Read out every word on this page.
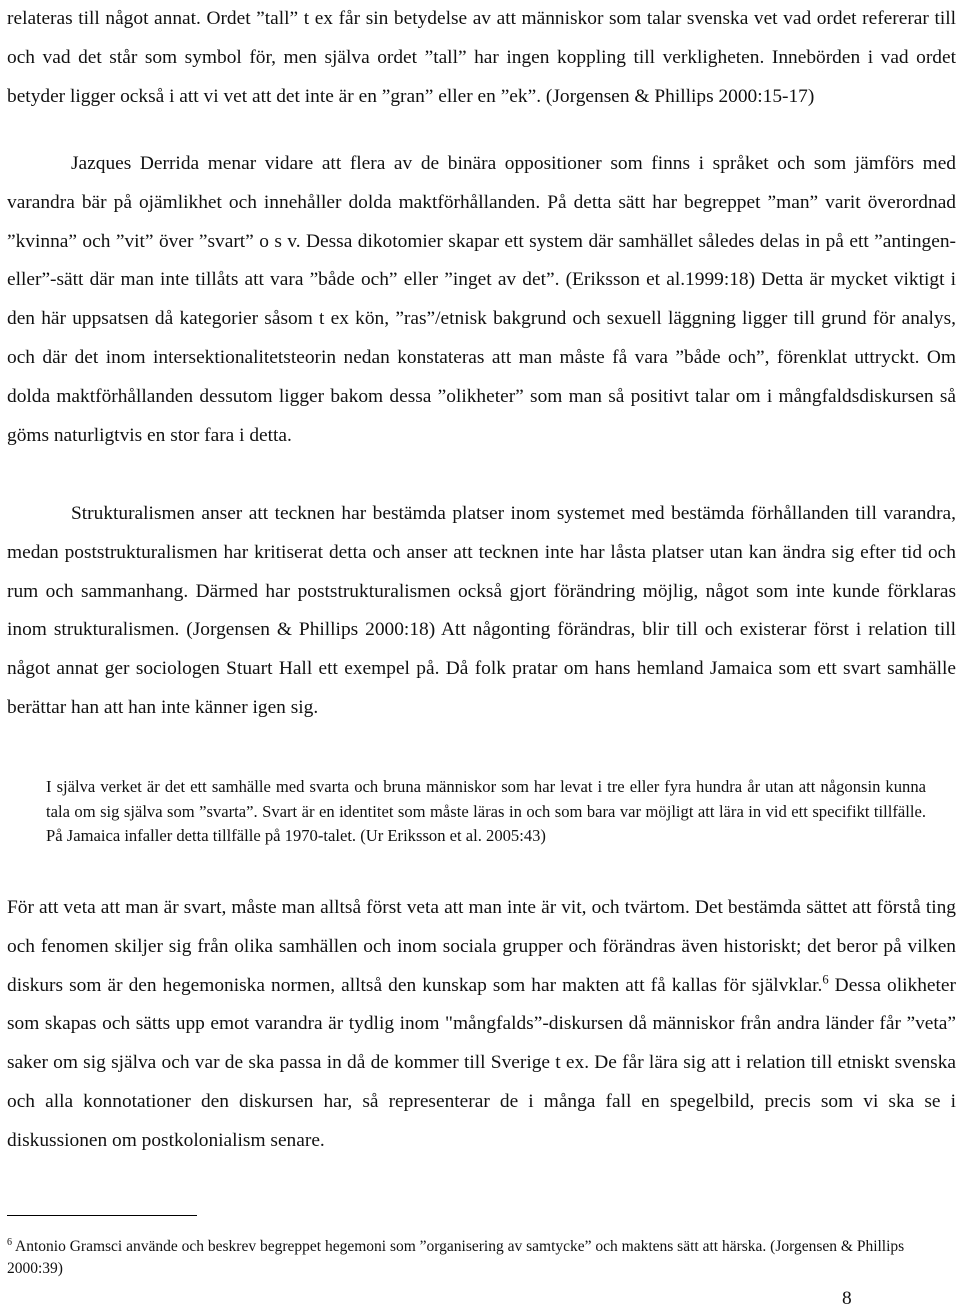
relateras till något annat. Ordet ”tall” t ex får sin betydelse av att människor som talar svenska vet vad ordet refererar till och vad det står som symbol för, men själva ordet ”tall” har ingen koppling till verkligheten. Innebörden i vad ordet betyder ligger också i att vi vet att det inte är en ”gran” eller en ”ek”. (Jorgensen & Phillips 2000:15-17)

Jazques Derrida menar vidare att flera av de binära oppositioner som finns i språket och som jämförs med varandra bär på ojämlikhet och innehåller dolda maktförhållanden. På detta sätt har begreppet ”man” varit överordnad ”kvinna” och ”vit” över ”svart” o s v. Dessa dikotomier skapar ett system där samhället således delas in på ett ”antingen-eller”-sätt där man inte tillåts att vara ”både och” eller ”inget av det”. (Eriksson et al.1999:18) Detta är mycket viktigt i den här uppsatsen då kategorier såsom t ex kön, ”ras”/etnisk bakgrund och sexuell läggning ligger till grund för analys, och där det inom intersektionalitetsteorin nedan konstateras att man måste få vara ”både och”, förenklat uttryckt. Om dolda maktförhållanden dessutom ligger bakom dessa ”olikheter” som man så positivt talar om i mångfaldsdiskursen så göms naturligtvis en stor fara i detta.

Strukturalismen anser att tecknen har bestämda platser inom systemet med bestämda förhållanden till varandra, medan poststrukturalismen har kritiserat detta och anser att tecknen inte har låsta platser utan kan ändra sig efter tid och rum och sammanhang. Därmed har poststrukturalismen också gjort förändring möjlig, något som inte kunde förklaras inom strukturalismen. (Jorgensen & Phillips 2000:18) Att någonting förändras, blir till och existerar först i relation till något annat ger sociologen Stuart Hall ett exempel på. Då folk pratar om hans hemland Jamaica som ett svart samhälle berättar han att han inte känner igen sig.

I själva verket är det ett samhälle med svarta och bruna människor som har levat i tre eller fyra hundra år utan att någonsin kunna tala om sig själva som ”svarta”. Svart är en identitet som måste läras in och som bara var möjligt att lära in vid ett specifikt tillfälle. På Jamaica infaller detta tillfälle på 1970-talet. (Ur Eriksson et al. 2005:43)

För att veta att man är svart, måste man alltså först veta att man inte är vit, och tvärtom. Det bestämda sättet att förstå ting och fenomen skiljer sig från olika samhällen och inom sociala grupper och förändras även historiskt; det beror på vilken diskurs som är den hegemoniska normen, alltså den kunskap som har makten att få kallas för självklar.$^6$ Dessa olikheter som skapas och sätts upp emot varandra är tydlig inom "mångfalds”-diskursen då människor från andra länder får ”veta” saker om sig själva och var de ska passa in då de kommer till Sverige t ex. De får lära sig att i relation till etniskt svenska och alla konnotationer den diskursen har, så representerar de i många fall en spegelbild, precis som vi ska se i diskussionen om postkolonialism senare.

$^6$ Antonio Gramsci använde och beskrev begreppet hegemoni som ”organisering av samtycke” och maktens sätt att härska. (Jorgensen & Phillips 2000:39)

8
